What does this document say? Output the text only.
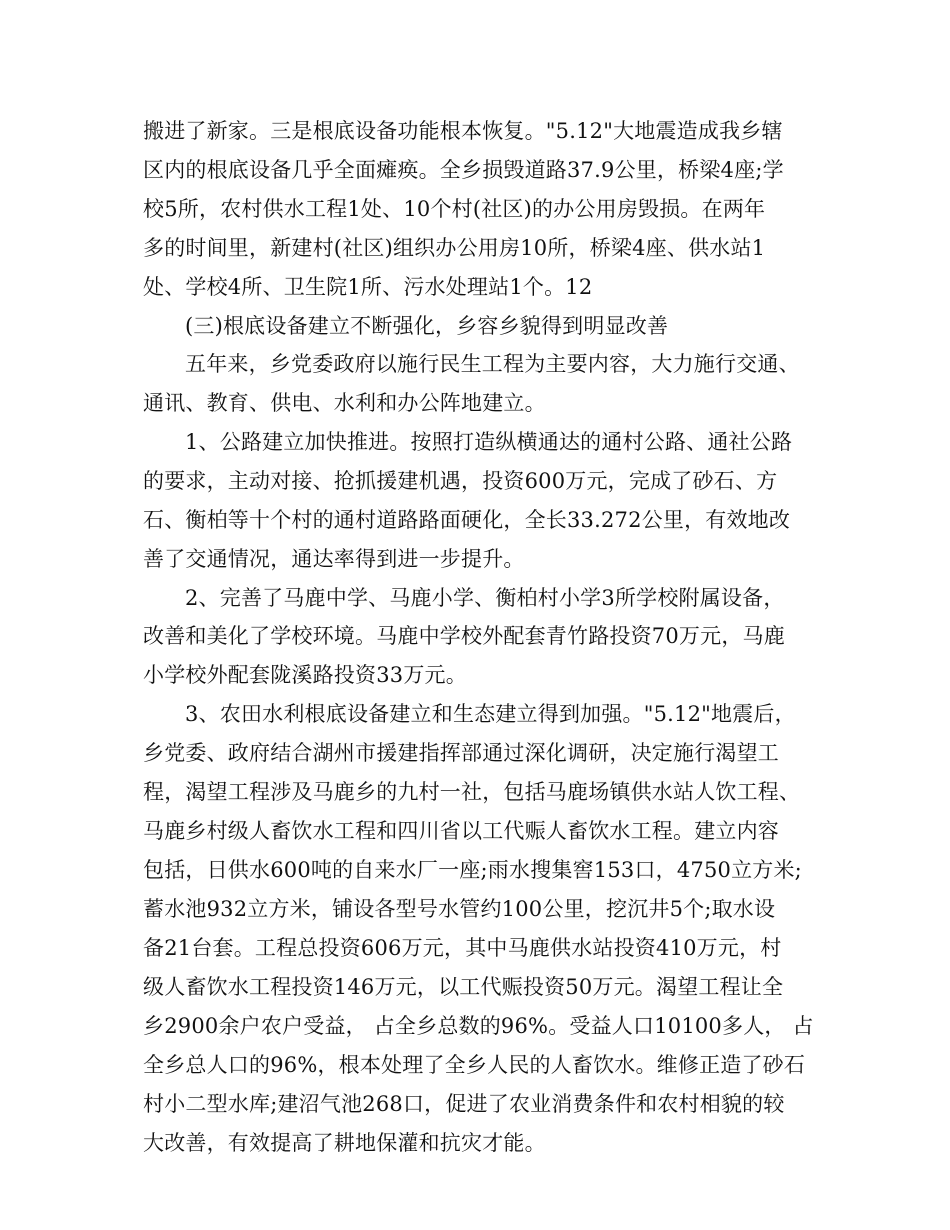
搬进了新家。三是根底设备功能根本恢复。"5.12"大地震造成我乡辖
区内的根底设备几乎全面瘫痪。全乡损毁道路37.9公里，桥梁4座;学
校5所，农村供水工程1处、10个村(社区)的办公用房毁损。在两年
多的时间里，新建村(社区)组织办公用房10所，桥梁4座、供水站1
处、学校4所、卫生院1所、污水处理站1个。12
(三)根底设备建立不断强化，乡容乡貌得到明显改善
五年来，乡党委政府以施行民生工程为主要内容，大力施行交通、
通讯、教育、供电、水利和办公阵地建立。
1、公路建立加快推进。按照打造纵横通达的通村公路、通社公路
的要求，主动对接、抢抓援建机遇，投资600万元，完成了砂石、方
石、衡柏等十个村的通村道路路面硬化，全长33.272公里，有效地改
善了交通情况，通达率得到进一步提升。
2、完善了马鹿中学、马鹿小学、衡柏村小学3所学校附属设备，
改善和美化了学校环境。马鹿中学校外配套青竹路投资70万元，马鹿
小学校外配套陇溪路投资33万元。
3、农田水利根底设备建立和生态建立得到加强。"5.12"地震后，
乡党委、政府结合湖州市援建指挥部通过深化调研，决定施行渴望工
程，渴望工程涉及马鹿乡的九村一社，包括马鹿场镇供水站人饮工程、
马鹿乡村级人畜饮水工程和四川省以工代赈人畜饮水工程。建立内容
包括，日供水600吨的自来水厂一座;雨水搜集窖153口，4750立方米;
蓄水池932立方米，铺设各型号水管约100公里，挖沉井5个;取水设
备21台套。工程总投资606万元，其中马鹿供水站投资410万元，村
级人畜饮水工程投资146万元，以工代赈投资50万元。渴望工程让全
乡2900余户农户受益， 占全乡总数的96%。受益人口10100多人， 占
全乡总人口的96%，根本处理了全乡人民的人畜饮水。维修正造了砂石
村小二型水库;建沼气池268口，促进了农业消费条件和农村相貌的较
大改善，有效提高了耕地保灌和抗灾才能。
